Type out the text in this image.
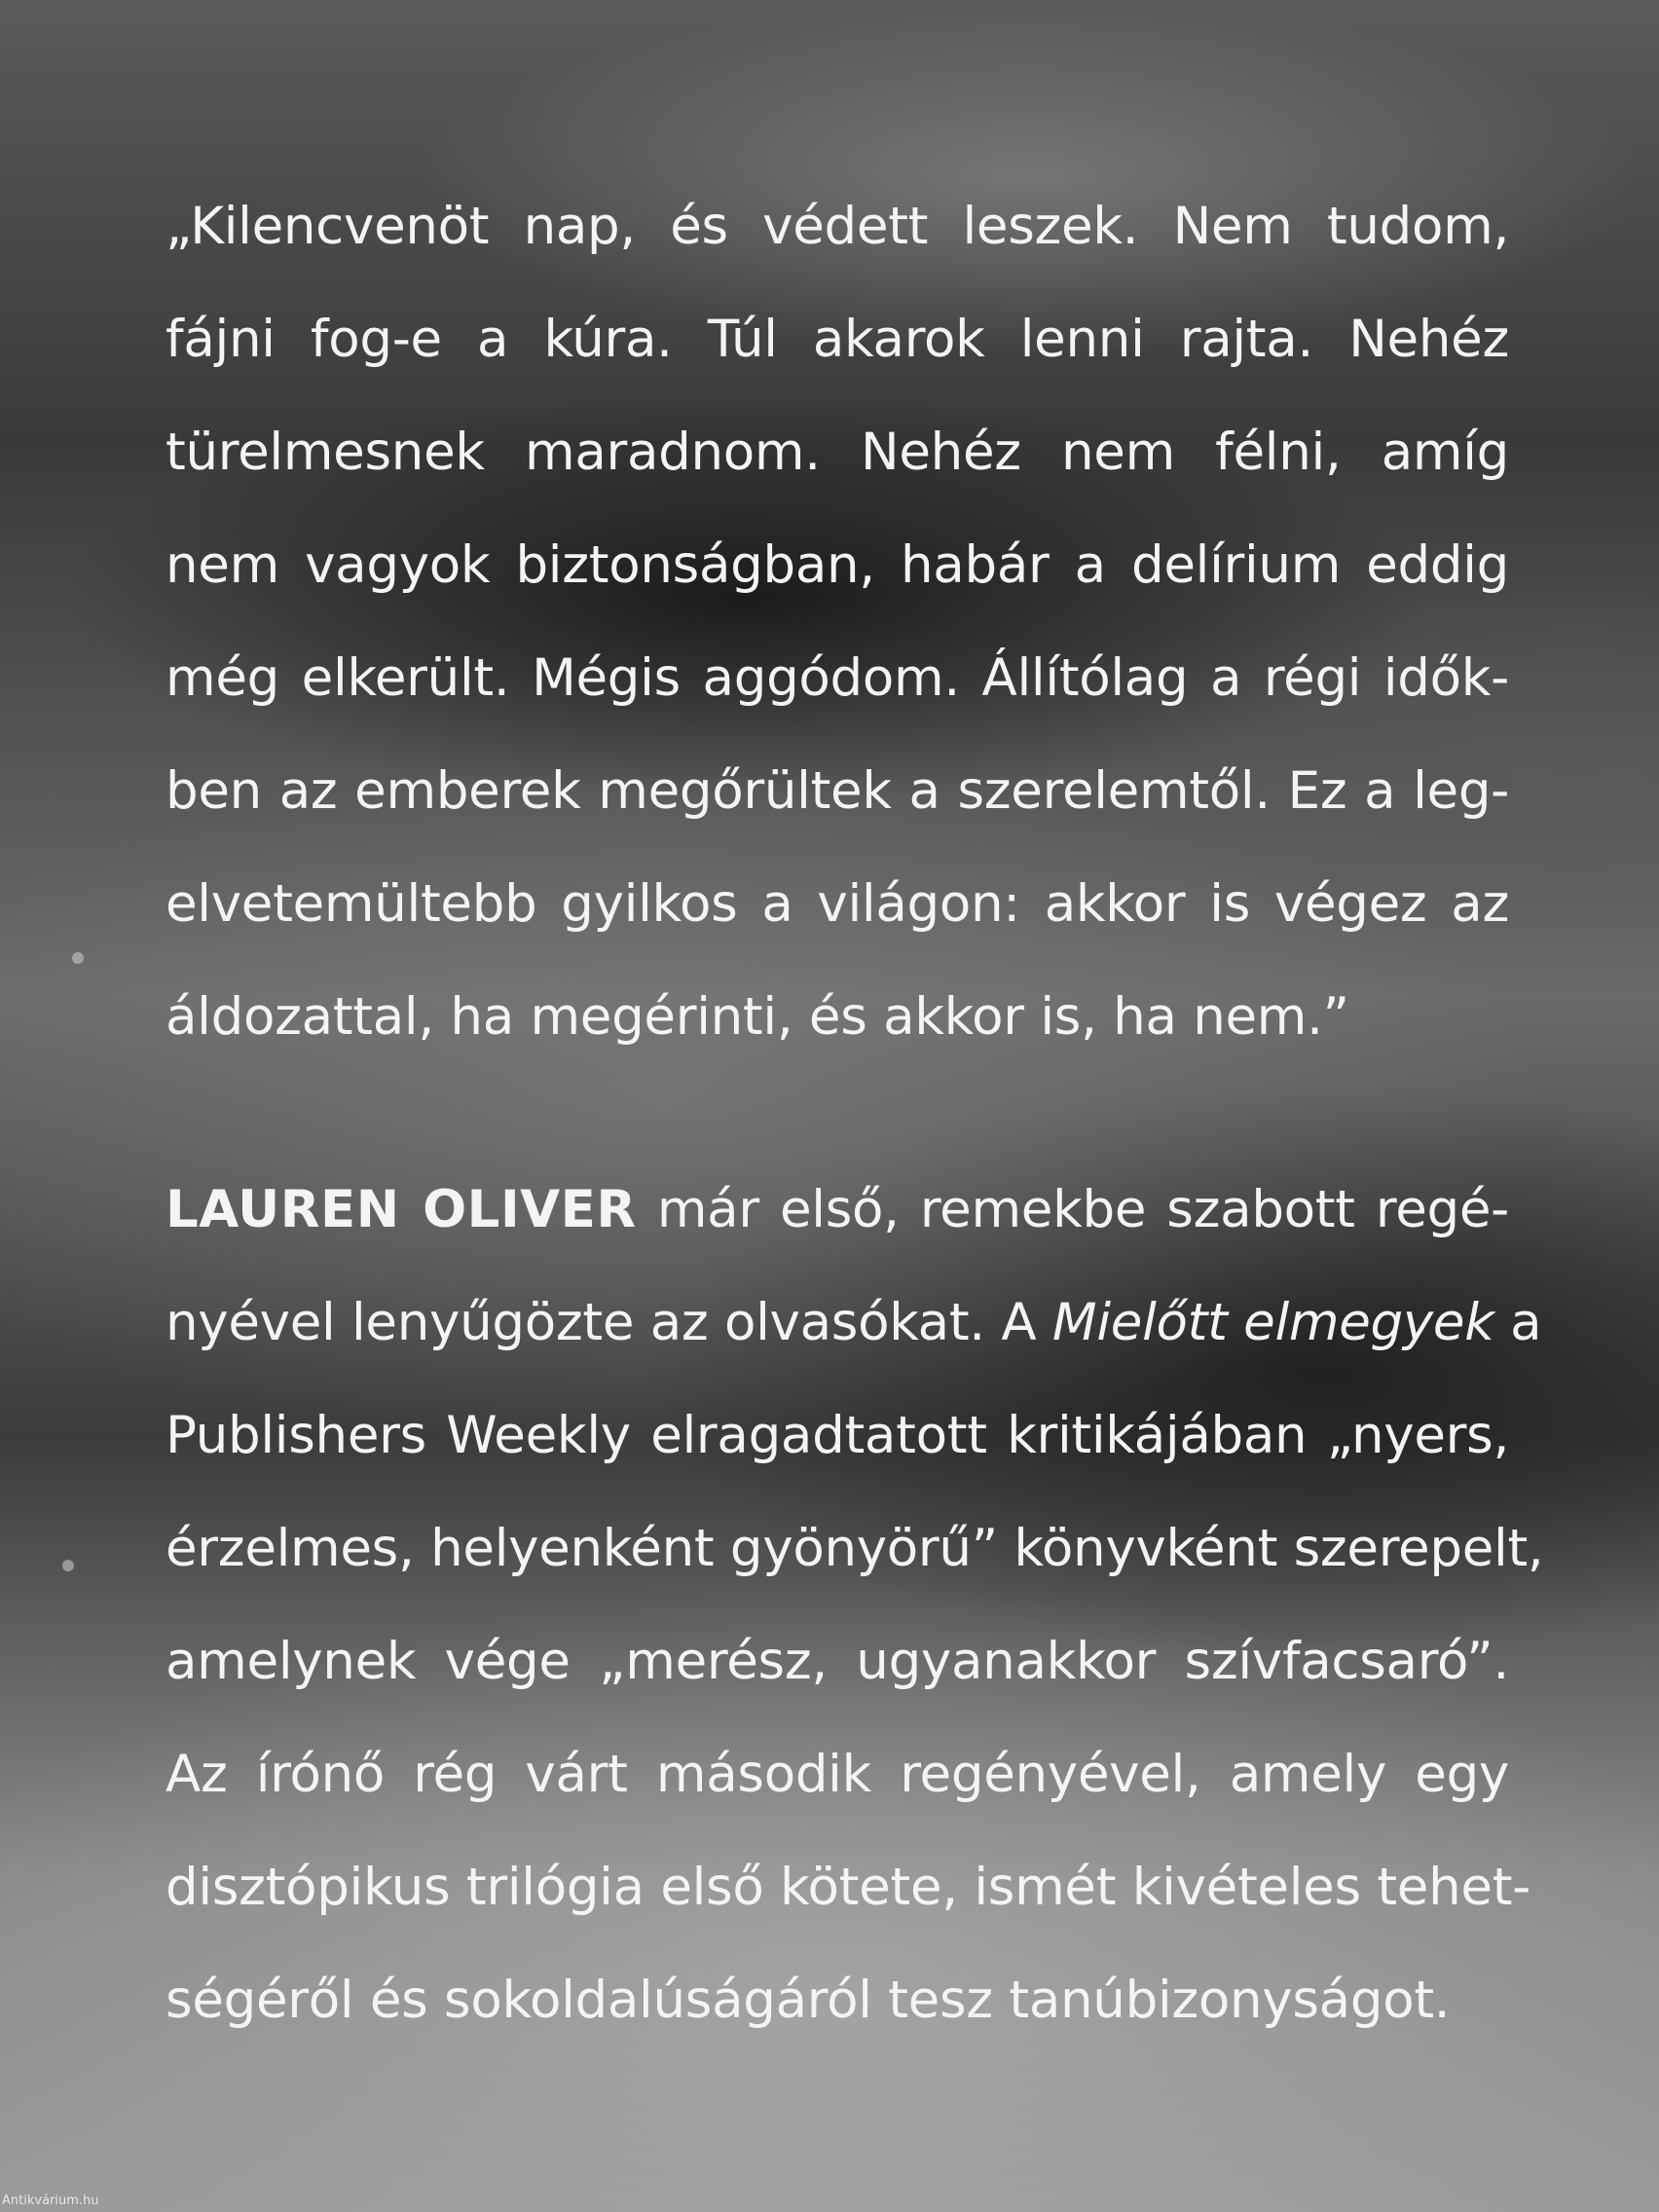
„Kilencvenöt nap, és védett leszek. Nem tudom,
fájni fog-e a kúra. Túl akarok lenni rajta. Nehéz
türelmesnek maradnom. Nehéz nem félni, amíg
nem vagyok biztonságban, habár a delírium eddig
még elkerült. Mégis aggódom. Állítólag a régi idők-
ben az emberek megőrültek a szerelemtől. Ez a leg-
elvetemültebb gyilkos a világon: akkor is végez az
áldozattal, ha megérinti, és akkor is, ha nem.”
LAUREN OLIVER már első, remekbe szabott regé-
nyével lenyűgözte az olvasókat. A Mielőtt elmegyek a
Publishers Weekly elragadtatott kritikájában „nyers,
érzelmes, helyenként gyönyörű” könyvként szerepelt,
amelynek vége „merész, ugyanakkor szívfacsaró”.
Az írónő rég várt második regényével, amely egy
disztópikus trilógia első kötete, ismét kivételes tehet-
ségéről és sokoldalúságáról tesz tanúbizonyságot.
Antikvárium.hu
